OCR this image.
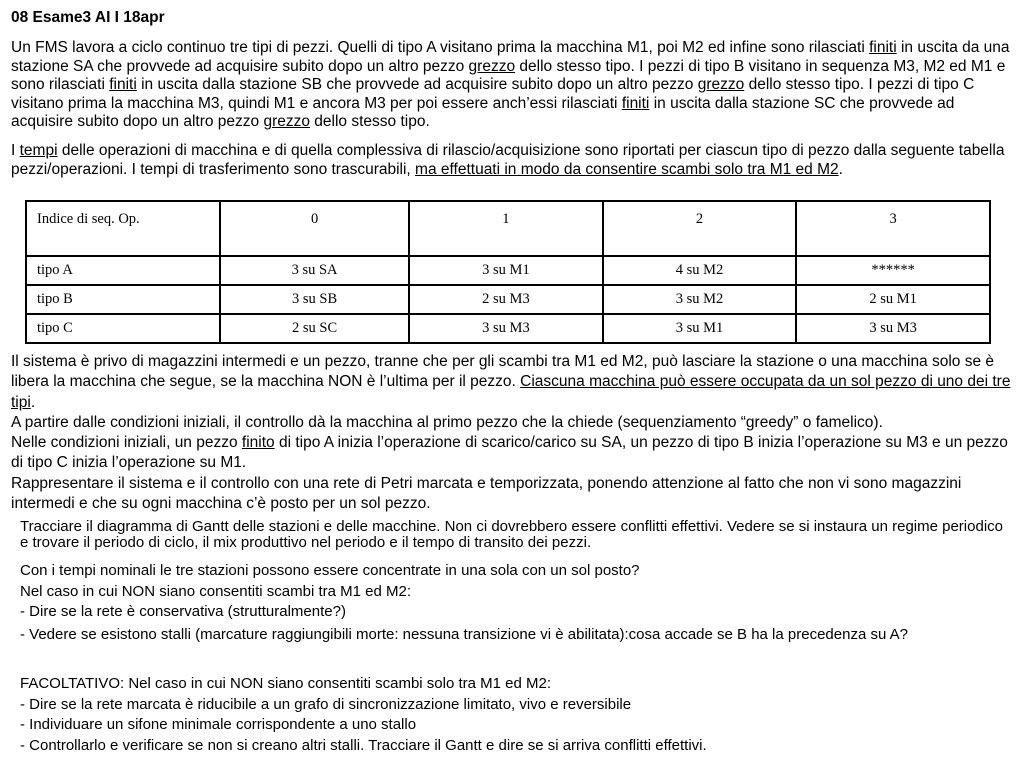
08 Esame3 AI I 18apr

Un FMS lavora a ciclo continuo tre tipi di pezzi. Quelli di tipo A visitano prima la macchina M1, poi M2 ed infine sono rilasciati finiti in uscita da una stazione SA che provvede ad acquisire subito dopo un altro pezzo grezzo dello stesso tipo. I pezzi di tipo B visitano in sequenza M3, M2 ed M1 e sono rilasciati finiti in uscita dalla stazione SB che provvede ad acquisire subito dopo un altro pezzo grezzo dello stesso tipo. I pezzi di tipo C visitano prima la macchina M3, quindi M1 e ancora M3 per poi essere anch’essi rilasciati finiti in uscita dalla stazione SC che provvede ad acquisire subito dopo un altro pezzo grezzo dello stesso tipo.

I tempi delle operazioni di macchina e di quella complessiva di rilascio/acquisizione sono riportati per ciascun tipo di pezzo dalla seguente tabella pezzi/operazioni. I tempi di trasferimento sono trascurabili, ma effettuati in modo da consentire scambi solo tra M1 ed M2.

Indice di seq. Op.	0	1	2	3
tipo A	3 su SA	3 su M1	4 su M2	******
tipo B	3 su SB	2 su M3	3 su M2	2 su M1
tipo C	2 su SC	3 su M3	3 su M1	3 su M3

Il sistema è privo di magazzini intermedi e un pezzo, tranne che per gli scambi tra M1 ed M2, può lasciare la stazione o una macchina solo se è libera la macchina che segue, se la macchina NON è l’ultima per il pezzo. Ciascuna macchina può essere occupata da un sol pezzo di uno dei tre tipi.
A partire dalle condizioni iniziali, il controllo dà la macchina al primo pezzo che la chiede (sequenziamento “greedy” o famelico).
Nelle condizioni iniziali, un pezzo finito di tipo A inizia l’operazione di scarico/carico su SA, un pezzo di tipo B inizia l’operazione su M3 e un pezzo di tipo C inizia l’operazione su M1.
Rappresentare il sistema e il controllo con una rete di Petri marcata e temporizzata, ponendo attenzione al fatto che non vi sono magazzini intermedi e che su ogni macchina c’è posto per un sol pezzo.

Tracciare il diagramma di Gantt delle stazioni e delle macchine. Non ci dovrebbero essere conflitti effettivi. Vedere se si instaura un regime periodico e trovare il periodo di ciclo, il mix produttivo nel periodo e il tempo di transito dei pezzi.

Con i tempi nominali le tre stazioni possono essere concentrate in una sola con un sol posto?

Nel caso in cui NON siano consentiti scambi tra M1 ed M2:

- Dire se la rete è conservativa (strutturalmente?)

- Vedere se esistono stalli (marcature raggiungibili morte: nessuna transizione vi è abilitata):cosa accade se B ha la precedenza su A?

FACOLTATIVO: Nel caso in cui NON siano consentiti scambi solo tra M1 ed M2:

- Dire se la rete marcata è riducibile a un grafo di sincronizzazione limitato, vivo e reversibile

- Individuare un sifone minimale corrispondente a uno stallo

- Controllarlo e verificare se non si creano altri stalli. Tracciare il Gantt e dire se si arriva conflitti effettivi.
